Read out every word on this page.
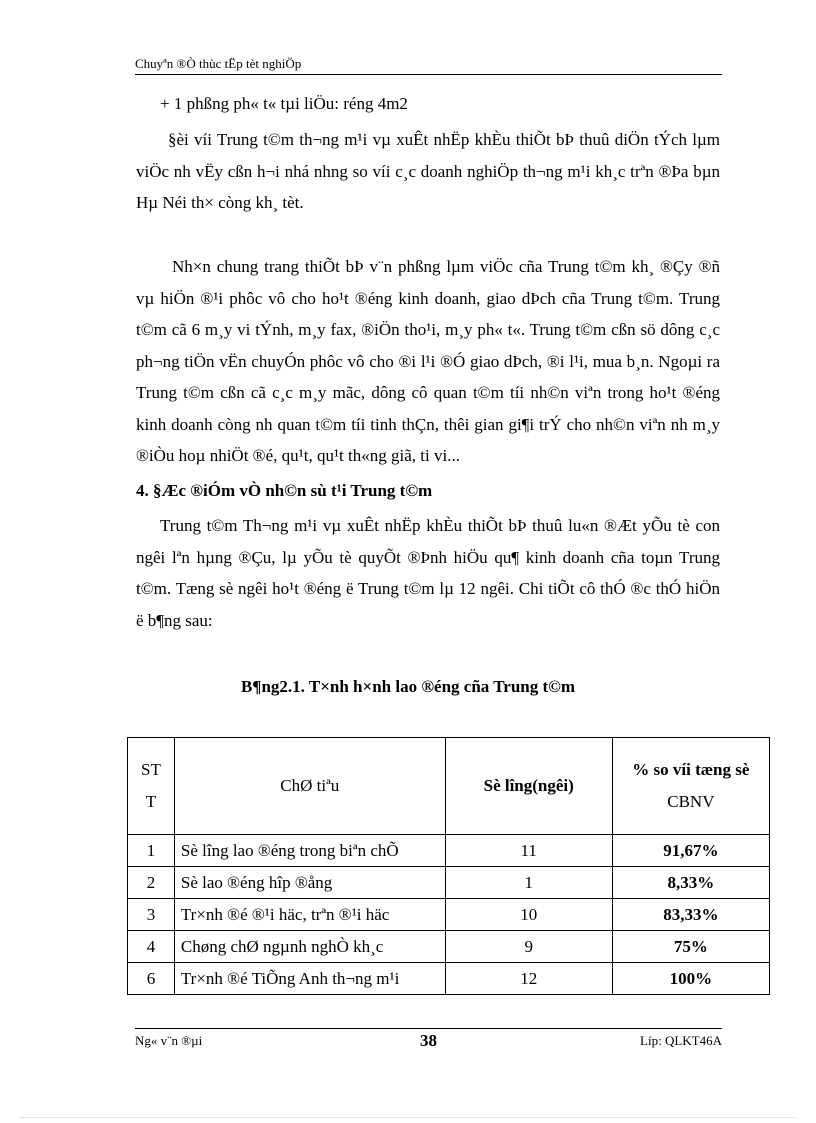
Chuyªn ®Ò thùc tËp tèt nghiÖp
+ 1 phßng ph« t« tµi liÖu: réng 4m2
§èi víi Trung t©m th¬ng m¹i vµ xuÊt nhËp khÈu thiÕt bÞ thuû diÖn tÝch lµm viÖc nh vËy cßn h¬i nhá nhng so víi c¸c doanh nghiÖp th¬ng m¹i kh¸c trªn ®Þa bµn Hµ Néi th× còng kh¸ tèt.
Nh×n chung trang thiÕt bÞ v¨n phßng lµm viÖc cña Trung t©m kh¸ ®Çy ®ñ vµ hiÖn ®¹i phôc vô cho ho¹t ®éng kinh doanh, giao dÞch cña Trung t©m. Trung t©m cã 6 m¸y vi tÝnh, m¸y fax, ®iÖn tho¹i, m¸y ph« t«. Trung t©m cßn sö dông c¸c ph¬ng tiÖn vËn chuyÓn phôc vô cho ®i l¹i ®Ó giao dÞch, ®i l¹i, mua b¸n. Ngoµi ra Trung t©m cßn cã c¸c m¸y mãc, dông cô quan t©m tíi nh©n viªn trong ho¹t ®éng kinh doanh còng nh quan t©m tíi tinh thÇn, thêi gian gi¶i trÝ cho nh©n viªn nh m¸y ®iÒu hoµ nhiÖt ®é, qu¹t, qu¹t th«ng giã, ti vi...
4. §Æc ®iÓm vÒ nh©n sù t¹i Trung t©m
Trung t©m Th¬ng m¹i vµ xuÊt nhËp khÈu thiÕt bÞ thuû lu«n ®Æt yÕu tè con ngêi lªn hµng ®Çu, lµ yÕu tè quyÕt ®Þnh hiÖu qu¶ kinh doanh cña toµn Trung t©m. Tæng sè ngêi ho¹t ®éng ë Trung t©m lµ 12 ngêi. Chi tiÕt cô thÓ ®c thÓ hiÖn ë b¶ng sau:
B¶ng2.1. T×nh h×nh lao ®éng cña Trung t©m
STT	ChØ tiªu	Sè lîng(ngêi)	% so víi tæng sè
CBNV

1	Sè lîng lao ®éng trong biªn chÕ	11	91,67%
2	Sè lao ®éng hîp ®ång	1	8,33%
3	Tr×nh ®é ®¹i häc, trªn ®¹i häc	10	83,33%
4	Chøng chØ ngµnh nghÒ kh¸c	9	75%
6	Tr×nh ®é TiÕng Anh th¬ng m¹i	12	100%
Ng« v¨n ®µi	38	Líp: QLKT46A
